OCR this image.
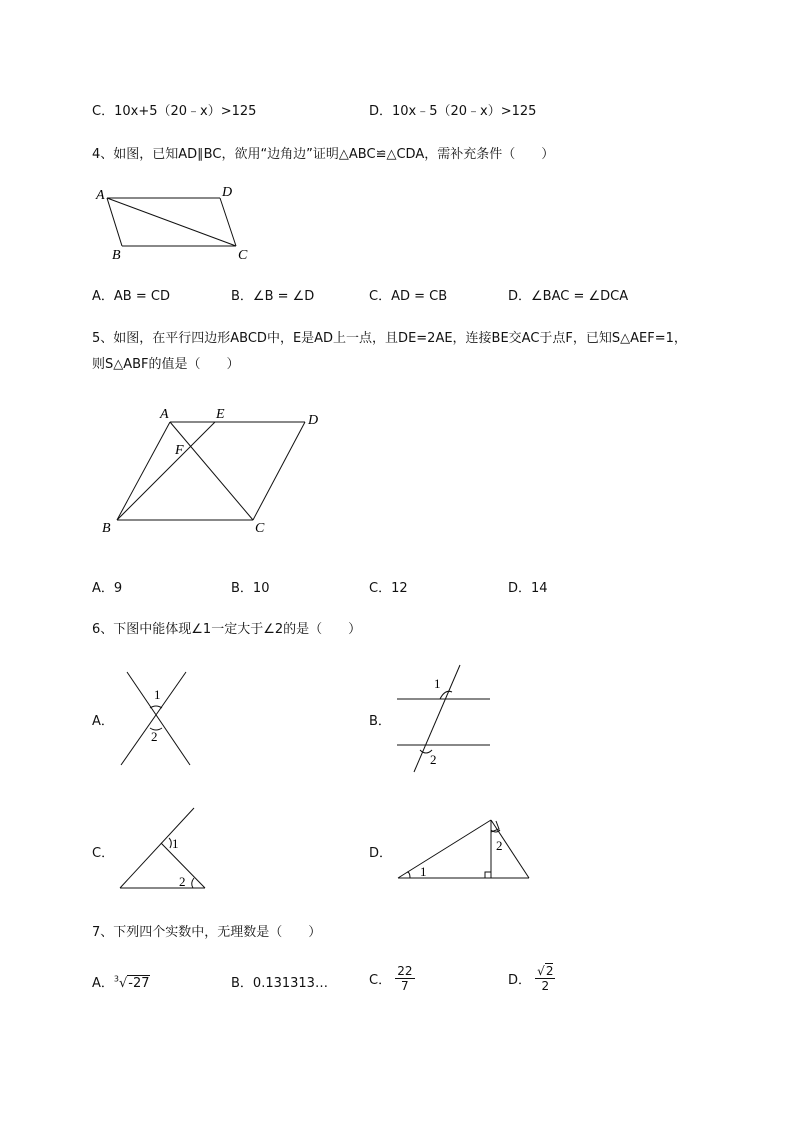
C．10x+5（20﹣x）>125	D．10x﹣5（20﹣x）>125
4、如图，已知AD∥BC，欲用“边角边”证明△ABC≌△CDA，需补充条件（　　）
A	D
B	C
A．AB = CD	B．∠B = ∠D	C．AD = CB	D．∠BAC = ∠DCA
5、如图，在平行四边形ABCD中，E是AD上一点，且DE=2AE，连接BE交AC于点F，已知S△AEF=1，
则S△ABF的值是（　　）
A	E	D
F
B	C
A．9	B．10	C．12	D．14
6、下图中能体现∠1一定大于∠2的是（　　）
A．	B．
C．	D．
1
2
1
2
1
2
1
2
7、下列四个实数中，无理数是（　　）
A．$^3$√-27	B．0.131313…	C． $\frac{22}{7}$	D． $\frac{√2}{2}$
